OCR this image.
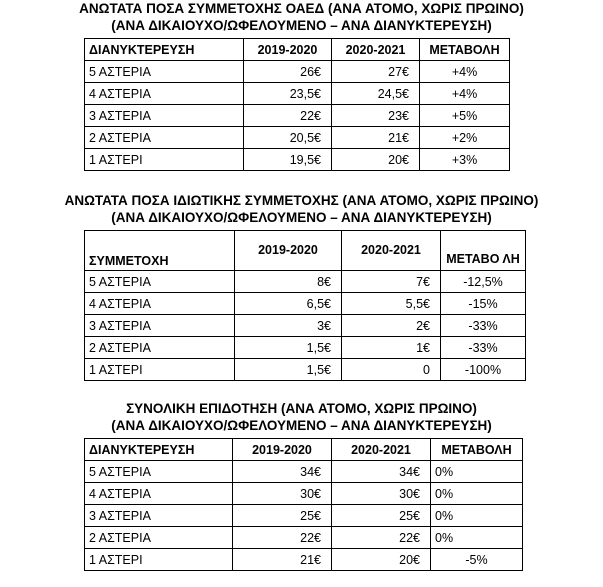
ΑΝΩΤΑΤΑ ΠΟΣΑ ΣΥΜΜΕΤΟΧΗΣ ΟΑΕΔ (ΑΝΑ ΑΤΟΜΟ, ΧΩΡΙΣ ΠΡΩΙΝΟ)
(ΑΝΑ ΔΙΚΑΙΟΥΧΟ/ΩΦΕΛΟΥΜΕΝΟ – ΑΝΑ ΔΙΑΝΥΚΤΕΡΕΥΣΗ)
ΔΙΑΝΥΚΤΕΡΕΥΣΗ	2019-2020	2020-2021	ΜΕΤΑΒΟΛΗ
5 ΑΣΤΕΡΙΑ	26€	27€	+4%
4 ΑΣΤΕΡΙΑ	23,5€	24,5€	+4%
3 ΑΣΤΕΡΙΑ	22€	23€	+5%
2 ΑΣΤΕΡΙΑ	20,5€	21€	+2%
1 ΑΣΤΕΡΙ	19,5€	20€	+3%
ΑΝΩΤΑΤΑ ΠΟΣΑ ΙΔΙΩΤΙΚΗΣ ΣΥΜΜΕΤΟΧΗΣ (ΑΝΑ ΑΤΟΜΟ, ΧΩΡΙΣ ΠΡΩΙΝΟ)
(ΑΝΑ ΔΙΚΑΙΟΥΧΟ/ΩΦΕΛΟΥΜΕΝΟ – ΑΝΑ ΔΙΑΝΥΚΤΕΡΕΥΣΗ)
ΣΥΜΜΕΤΟΧΗ	2019-2020	2020-2021	ΜΕΤΑΒΟ ΛΗ
5 ΑΣΤΕΡΙΑ	8€	7€	-12,5%
4 ΑΣΤΕΡΙΑ	6,5€	5,5€	-15%
3 ΑΣΤΕΡΙΑ	3€	2€	-33%
2 ΑΣΤΕΡΙΑ	1,5€	1€	-33%
1 ΑΣΤΕΡΙ	1,5€	0	-100%
ΣΥΝΟΛΙΚΗ ΕΠΙΔΟΤΗΣΗ (ΑΝΑ ΑΤΟΜΟ, ΧΩΡΙΣ ΠΡΩΙΝΟ)
(ΑΝΑ ΔΙΚΑΙΟΥΧΟ/ΩΦΕΛΟΥΜΕΝΟ – ΑΝΑ ΔΙΑΝΥΚΤΕΡΕΥΣΗ)
ΔΙΑΝΥΚΤΕΡΕΥΣΗ	2019-2020	2020-2021	ΜΕΤΑΒΟΛΗ
5 ΑΣΤΕΡΙΑ	34€	34€	0%
4 ΑΣΤΕΡΙΑ	30€	30€	0%
3 ΑΣΤΕΡΙΑ	25€	25€	0%
2 ΑΣΤΕΡΙΑ	22€	22€	0%
1 ΑΣΤΕΡΙ	21€	20€	-5%
